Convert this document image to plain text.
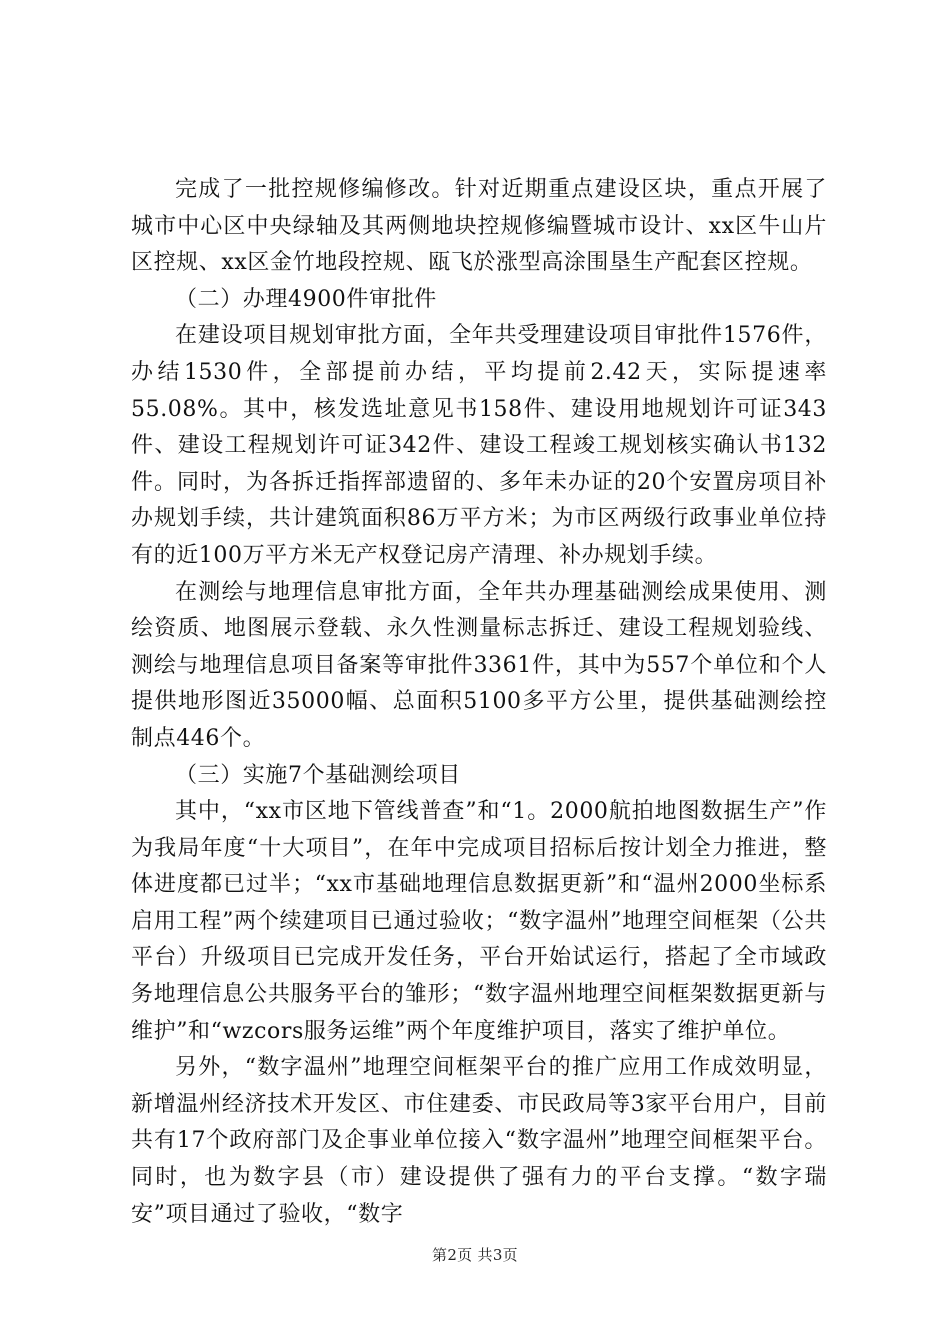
完成了一批控规修编修改。针对近期重点建设区块，重点开展了城市中心区中央绿轴及其两侧地块控规修编暨城市设计、xx区牛山片区控规、xx区金竹地段控规、瓯飞於涨型高涂围垦生产配套区控规。

（二）办理4900件审批件

在建设项目规划审批方面，全年共受理建设项目审批件1576件，办结1530件，全部提前办结，平均提前2.42天，实际提速率55.08%。其中，核发选址意见书158件、建设用地规划许可证343件、建设工程规划许可证342件、建设工程竣工规划核实确认书132件。同时，为各拆迁指挥部遗留的、多年未办证的20个安置房项目补办规划手续，共计建筑面积86万平方米；为市区两级行政事业单位持有的近100万平方米无产权登记房产清理、补办规划手续。

在测绘与地理信息审批方面，全年共办理基础测绘成果使用、测绘资质、地图展示登载、永久性测量标志拆迁、建设工程规划验线、测绘与地理信息项目备案等审批件3361件，其中为557个单位和个人提供地形图近35000幅、总面积5100多平方公里，提供基础测绘控制点446个。

（三）实施7个基础测绘项目

其中，“xx市区地下管线普查”和“1。2000航拍地图数据生产”作为我局年度“十大项目”，在年中完成项目招标后按计划全力推进，整体进度都已过半；“xx市基础地理信息数据更新”和“温州2000坐标系启用工程”两个续建项目已通过验收；“数字温州”地理空间框架（公共平台）升级项目已完成开发任务，平台开始试运行，搭起了全市域政务地理信息公共服务平台的雏形；“数字温州地理空间框架数据更新与维护”和“wzcors服务运维”两个年度维护项目，落实了维护单位。

另外，“数字温州”地理空间框架平台的推广应用工作成效明显，新增温州经济技术开发区、市住建委、市民政局等3家平台用户，目前共有17个政府部门及企事业单位接入“数字温州”地理空间框架平台。同时，也为数字县（市）建设提供了强有力的平台支撑。“数字瑞安”项目通过了验收，“数字

第2页 共3页
